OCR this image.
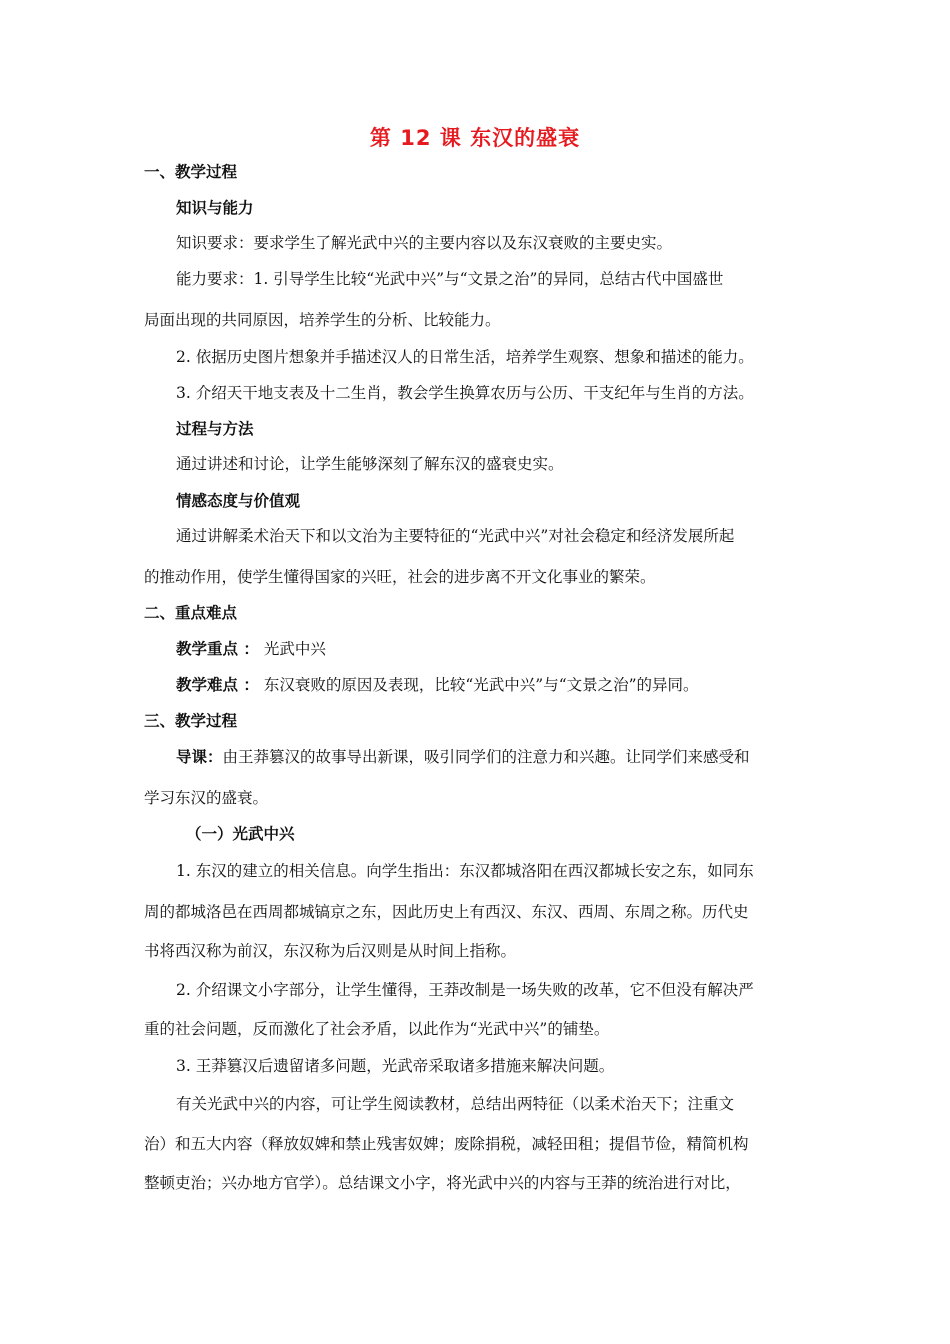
第 12 课 东汉的盛衰
一、教学过程
知识与能力
知识要求：要求学生了解光武中兴的主要内容以及东汉衰败的主要史实。
能力要求：1. 引导学生比较“光武中兴”与“文景之治”的异同，总结古代中国盛世
局面出现的共同原因，培养学生的分析、比较能力。
2. 依据历史图片想象并手描述汉人的日常生活，培养学生观察、想象和描述的能力。
3. 介绍天干地支表及十二生肖，教会学生换算农历与公历、干支纪年与生肖的方法。
过程与方法
通过讲述和讨论，让学生能够深刻了解东汉的盛衰史实。
情感态度与价值观
通过讲解柔术治天下和以文治为主要特征的“光武中兴”对社会稳定和经济发展所起
的推动作用，使学生懂得国家的兴旺，社会的进步离不开文化事业的繁荣。
二、重点难点
教学重点 ： 光武中兴
教学难点 ： 东汉衰败的原因及表现，比较“光武中兴”与“文景之治”的异同。
三、教学过程
导课：由王莽篡汉的故事导出新课，吸引同学们的注意力和兴趣。让同学们来感受和
学习东汉的盛衰。
（一）光武中兴
1. 东汉的建立的相关信息。向学生指出：东汉都城洛阳在西汉都城长安之东，如同东
周的都城洛邑在西周都城镐京之东，因此历史上有西汉、东汉、西周、东周之称。历代史
书将西汉称为前汉，东汉称为后汉则是从时间上指称。
2. 介绍课文小字部分，让学生懂得，王莽改制是一场失败的改革，它不但没有解决严
重的社会问题，反而激化了社会矛盾，以此作为“光武中兴”的铺垫。
3. 王莽篡汉后遗留诸多问题，光武帝采取诸多措施来解决问题。
有关光武中兴的内容，可让学生阅读教材，总结出两特征（以柔术治天下；注重文
治）和五大内容（释放奴婢和禁止残害奴婢；废除捐税，减轻田租；提倡节俭，精简机构
整顿吏治；兴办地方官学）。总结课文小字，将光武中兴的内容与王莽的统治进行对比，
